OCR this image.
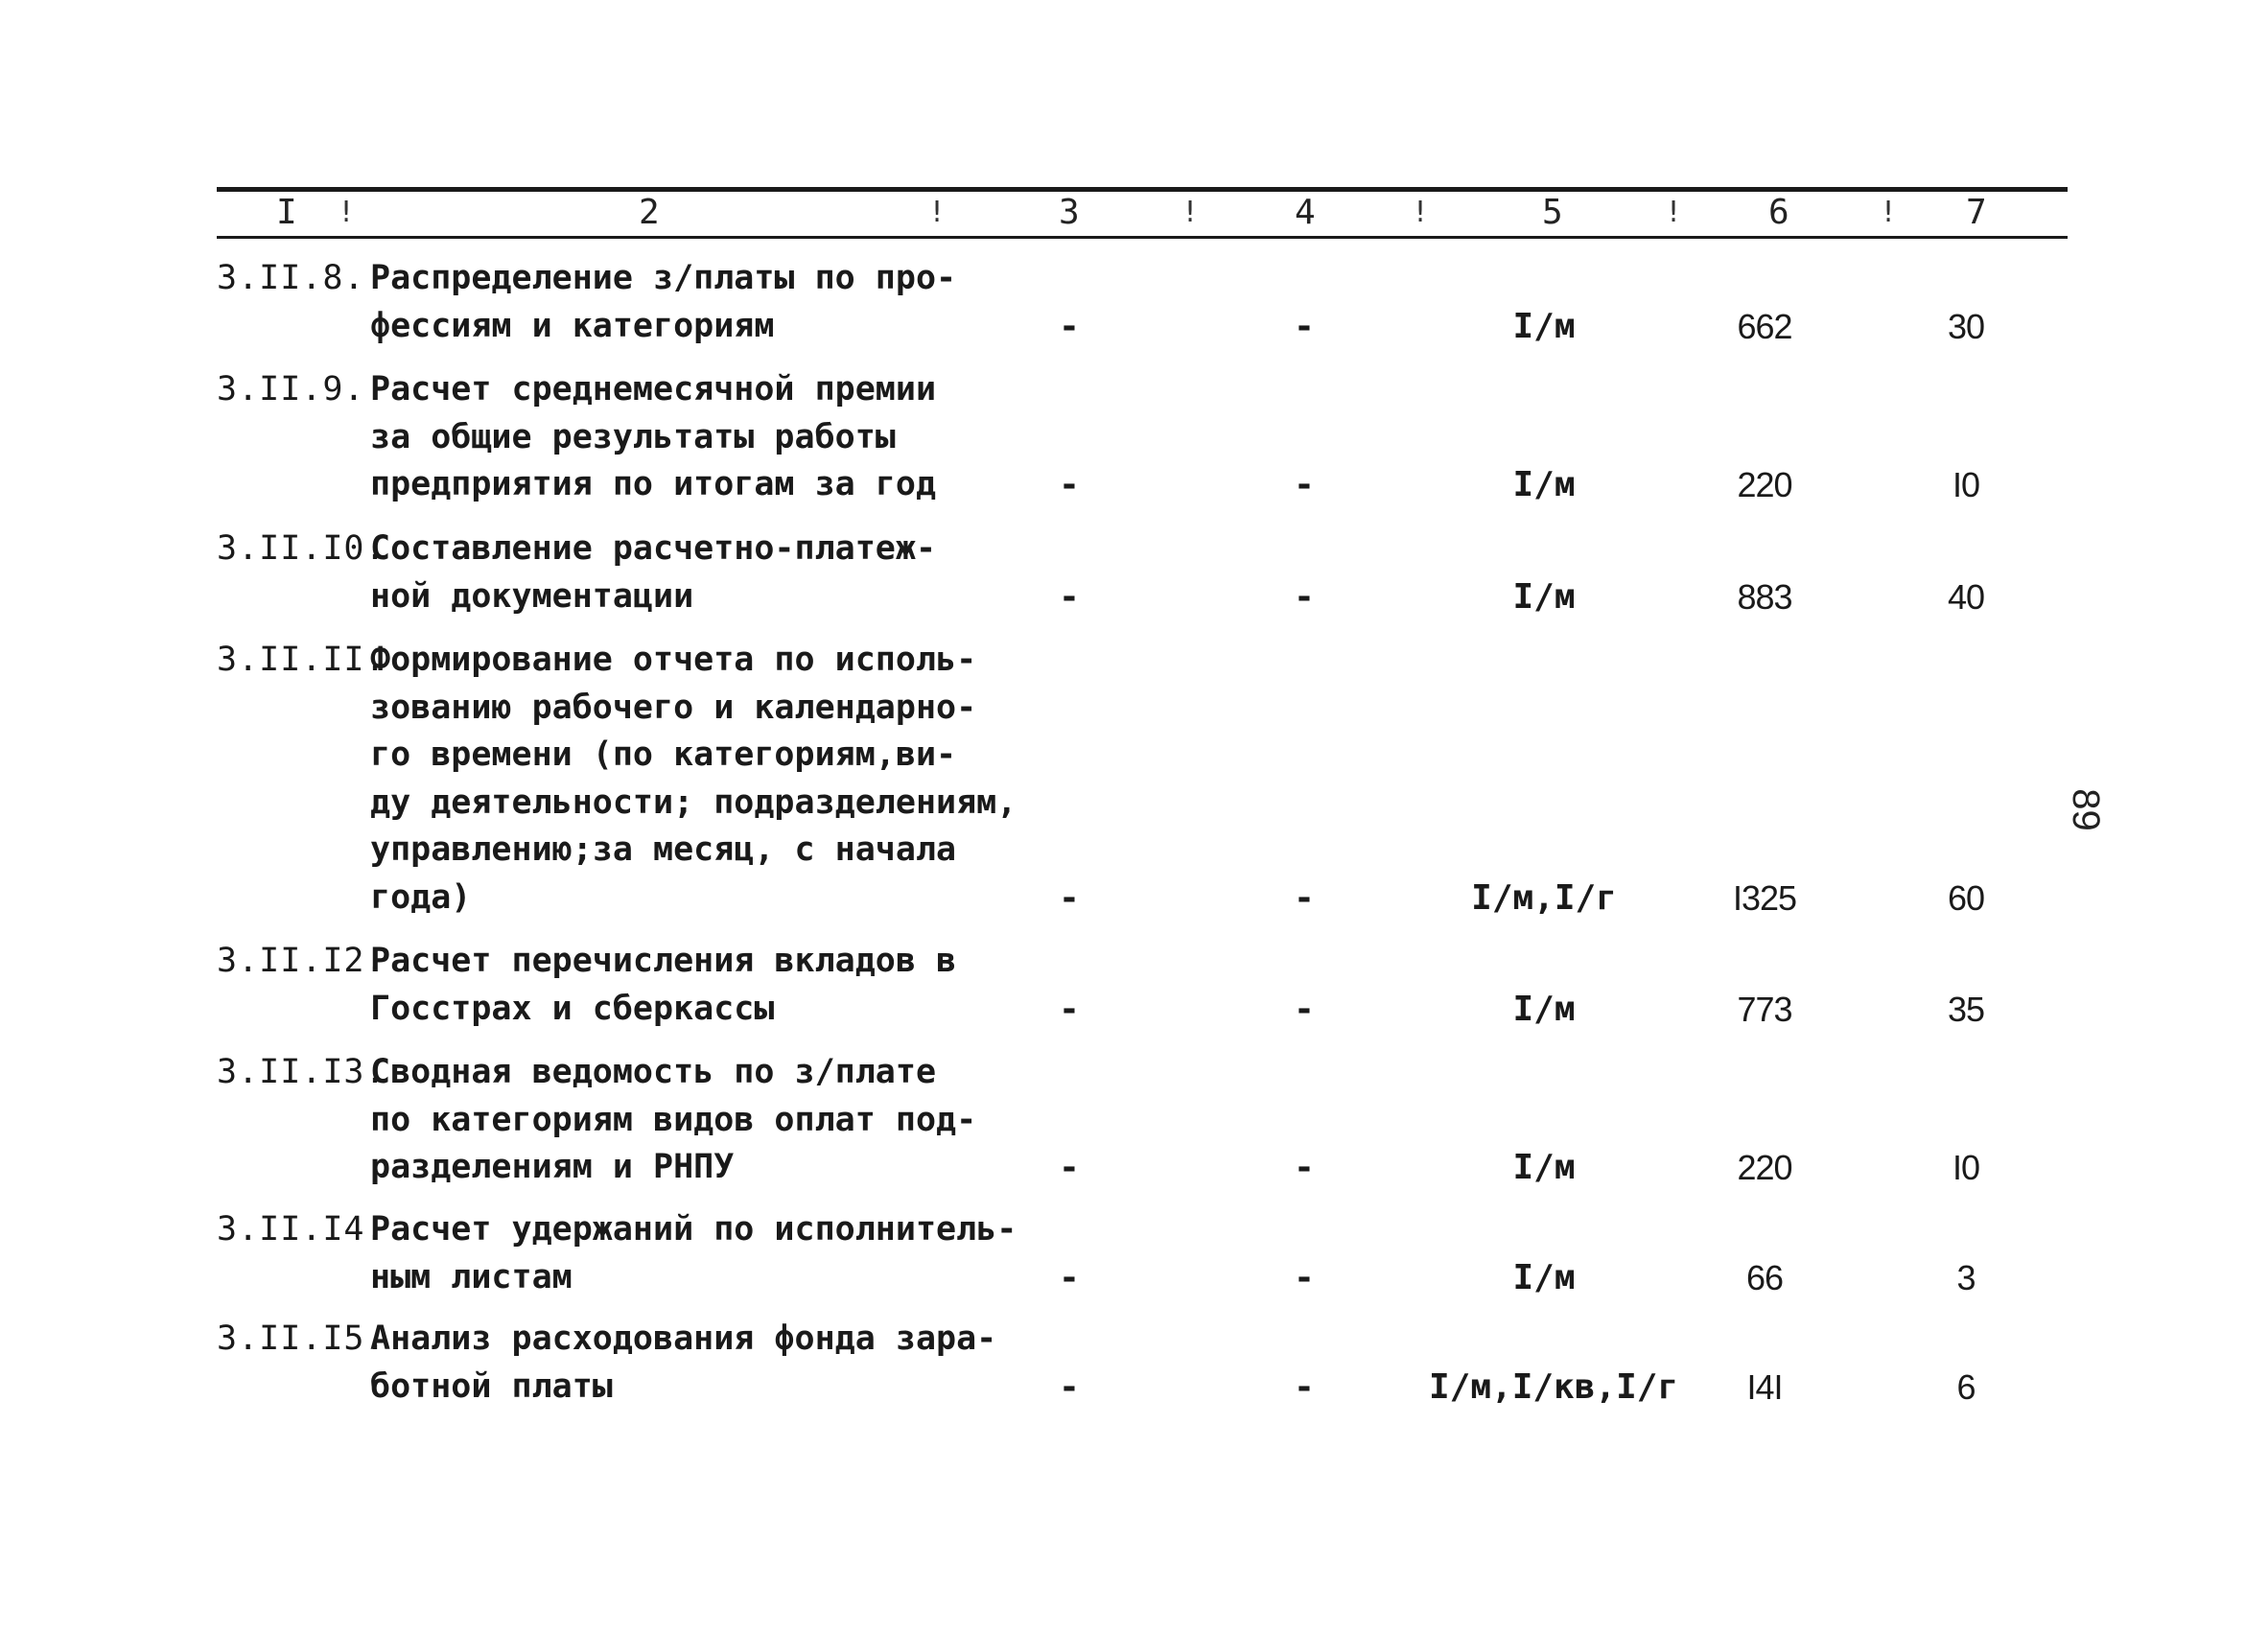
I !	2	!	3	!	4	!	5	! 6	! 7
3.II.8. Распределение з/платы по про-
фессиям и категориям	-	-	I/м	662	30
3.II.9. Расчет среднемесячной премии
за общие результаты работы
предприятия по итогам за год	-	-	I/м	220	I0
3.II.I0.
Составление расчетно-платеж-
ной документации	-	-	I/м	883	40
3.II.II.
Формирование отчета по исполь-
зованию рабочего и календарно-
го времени (по категориям,ви-
ду деятельности; подразделениям,
управлению;за месяц, с начала
года)	-	-	I/м,I/г	I325	60
3.II.I2.
Расчет перечисления вкладов в
Госстрах и сберкассы	-	-	I/м	773	35
3.II.I3.
Сводная ведомость по з/плате
по категориям видов оплат под-
разделениям и РНПУ	-	-	I/м	220	I0
3.II.I4.
Расчет удержаний по исполнитель-
ным листам	-	-	I/м	66	3
3.II.I5.
Анализ расходования фонда зара-
ботной платы	-	-	I/м,I/кв,I/г	I4I	6
89
